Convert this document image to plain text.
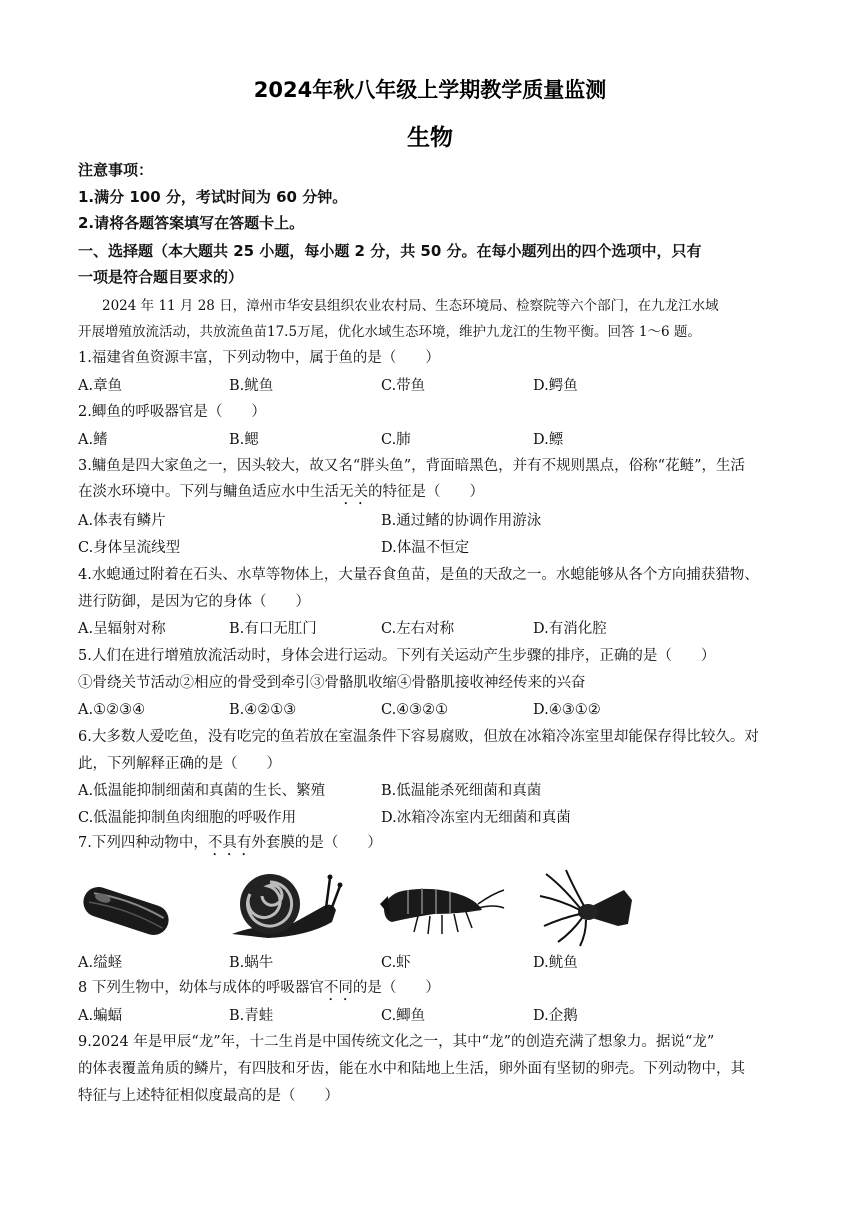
2024年秋八年级上学期教学质量监测
生物
注意事项：
1.满分 100 分，考试时间为 60 分钟。
2.请将各题答案填写在答题卡上。
一、选择题（本大题共 25 小题，每小题 2 分，共 50 分。在每小题列出的四个选项中，只有
一项是符合题目要求的）
2024 年 11 月 28 日，漳州市华安县组织农业农村局、生态环境局、检察院等六个部门，在九龙江水域
开展增殖放流活动，共放流鱼苗17.5万尾，优化水域生态环境，维护九龙江的生物平衡。回答 1～6 题。
1.福建省鱼资源丰富，下列动物中，属于鱼的是（　　）
A.章鱼	B.鱿鱼	C.带鱼	D.鳄鱼
2.鲫鱼的呼吸器官是（　　）
A.鳍	B.鳃	C.肺	D.鳔
3.鳙鱼是四大家鱼之一，因头较大，故又名“胖头鱼”，背面暗黑色，并有不规则黑点，俗称“花鲢”，生活
在淡水环境中。下列与鳙鱼适应水中生活无关的特征是（　　）
A.体表有鳞片	B.通过鳍的协调作用游泳
C.身体呈流线型	D.体温不恒定
4.水螅通过附着在石头、水草等物体上，大量吞食鱼苗，是鱼的天敌之一。水螅能够从各个方向捕获猎物、
进行防御，是因为它的身体（　　）
A.呈辐射对称	B.有口无肛门	C.左右对称	D.有消化腔
5.人们在进行增殖放流活动时，身体会进行运动。下列有关运动产生步骤的排序，正确的是（　　）
①骨绕关节活动②相应的骨受到牵引③骨骼肌收缩④骨骼肌接收神经传来的兴奋
A.①②③④	B.④②①③	C.④③②①	D.④③①②
6.大多数人爱吃鱼，没有吃完的鱼若放在室温条件下容易腐败，但放在冰箱冷冻室里却能保存得比较久。对
此，下列解释正确的是（　　）
A.低温能抑制细菌和真菌的生长、繁殖	B.低温能杀死细菌和真菌
C.低温能抑制鱼肉细胞的呼吸作用	D.冰箱冷冻室内无细菌和真菌
7.下列四种动物中，不具有外套膜的是（　　）
A.缢蛏	B.蜗牛	C.虾	D.鱿鱼
8 下列生物中，幼体与成体的呼吸器官不同的是（　　）
A.蝙蝠	B.青蛙	C.鲫鱼	D.企鹅
9.2024 年是甲辰“龙”年，十二生肖是中国传统文化之一，其中“龙”的创造充满了想象力。据说“龙”
的体表覆盖角质的鳞片，有四肢和牙齿，能在水中和陆地上生活，卵外面有坚韧的卵壳。下列动物中，其
特征与上述特征相似度最高的是（　　）
